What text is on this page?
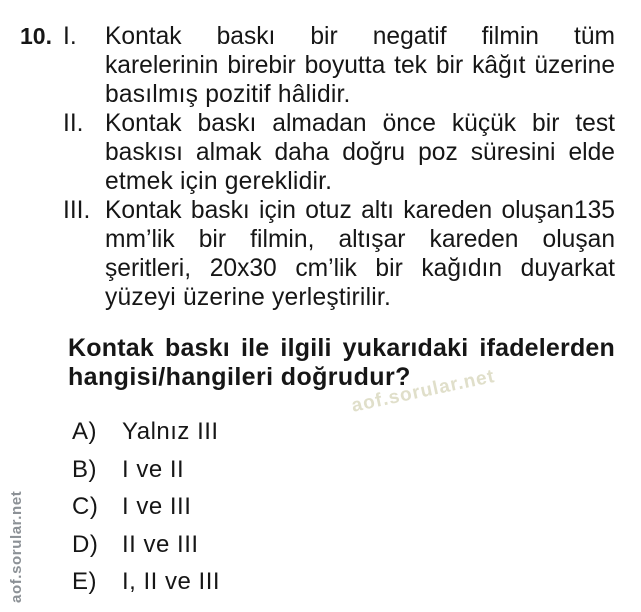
10. I.	Kontak baskı bir negatif filmin tüm
karelerinin birebir boyutta tek bir kâğıt üzerine
basılmış pozitif hâlidir.
II. Kontak baskı almadan önce küçük bir test
baskısı almak daha doğru poz süresini elde
etmek için gereklidir.
III. Kontak baskı için otuz altı kareden oluşan135
mm’lik bir filmin, altışar kareden oluşan
şeritleri, 20x30 cm’lik bir kağıdın duyarkat
yüzeyi üzerine yerleştirilir.
Kontak baskı ile ilgili yukarıdaki ifadelerden
hangisi/hangileri doğrudur?
A)	Yalnız III
B)	I ve II
C) I ve III
D) II ve III
E)	I, II ve III
aof.sorular.net
aof.sorular.net
